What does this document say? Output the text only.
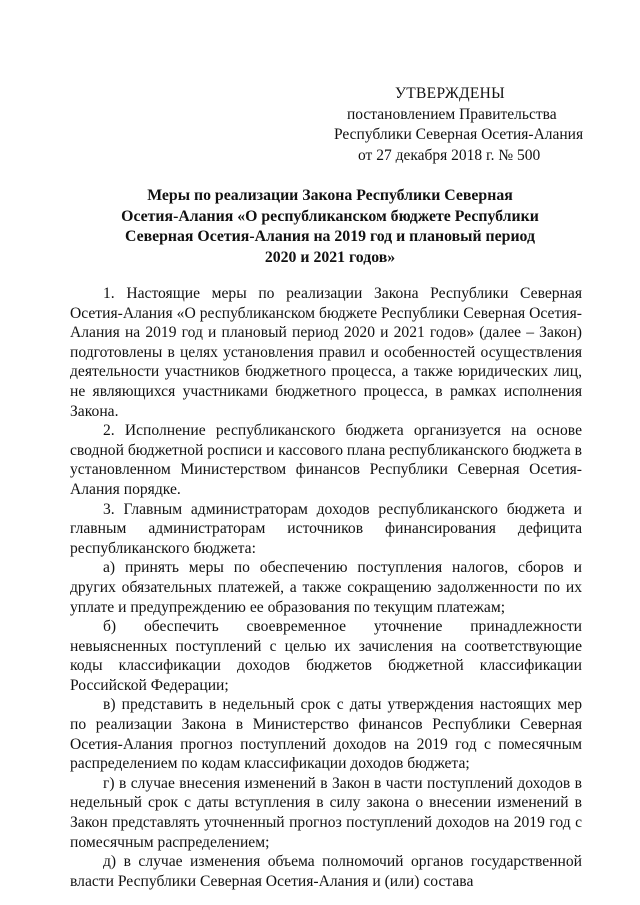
УТВЕРЖДЕНЫ
постановлением Правительства
Республики Северная Осетия-Алания
от 27 декабря 2018 г. № 500
Меры по реализации Закона Республики Северная
Осетия-Алания «О республиканском бюджете Республики
Северная Осетия-Алания на 2019 год и плановый период
2020 и 2021 годов»

1. Настоящие меры по реализации Закона Республики Северная Осетия-Алания «О республиканском бюджете Республики Северная Осетия-Алания на 2019 год и плановый период 2020 и 2021 годов» (далее – Закон) подготовлены в целях установления правил и особенностей осуществления деятельности участников бюджетного процесса, а также юридических лиц, не являющихся участниками бюджетного процесса, в рамках исполнения Закона.

2. Исполнение республиканского бюджета организуется на основе сводной бюджетной росписи и кассового плана республиканского бюджета в установленном Министерством финансов Республики Северная Осетия-Алания порядке.

3. Главным администраторам доходов республиканского бюджета и главным администраторам источников финансирования дефицита республиканского бюджета:

а) принять меры по обеспечению поступления налогов, сборов и других обязательных платежей, а также сокращению задолженности по их уплате и предупреждению ее образования по текущим платежам;

б) обеспечить своевременное уточнение принадлежности невыясненных поступлений с целью их зачисления на соответствующие коды классификации доходов бюджетов бюджетной классификации Российской Федерации;

в) представить в недельный срок с даты утверждения настоящих мер по реализации Закона в Министерство финансов Республики Северная Осетия-Алания прогноз поступлений доходов на 2019 год с помесячным распределением по кодам классификации доходов бюджета;

г) в случае внесения изменений в Закон в части поступлений доходов в недельный срок с даты вступления в силу закона о внесении изменений в Закон представлять уточненный прогноз поступлений доходов на 2019 год с помесячным распределением;

д) в случае изменения объема полномочий органов государственной власти Республики Северная Осетия-Алания и (или) состава
